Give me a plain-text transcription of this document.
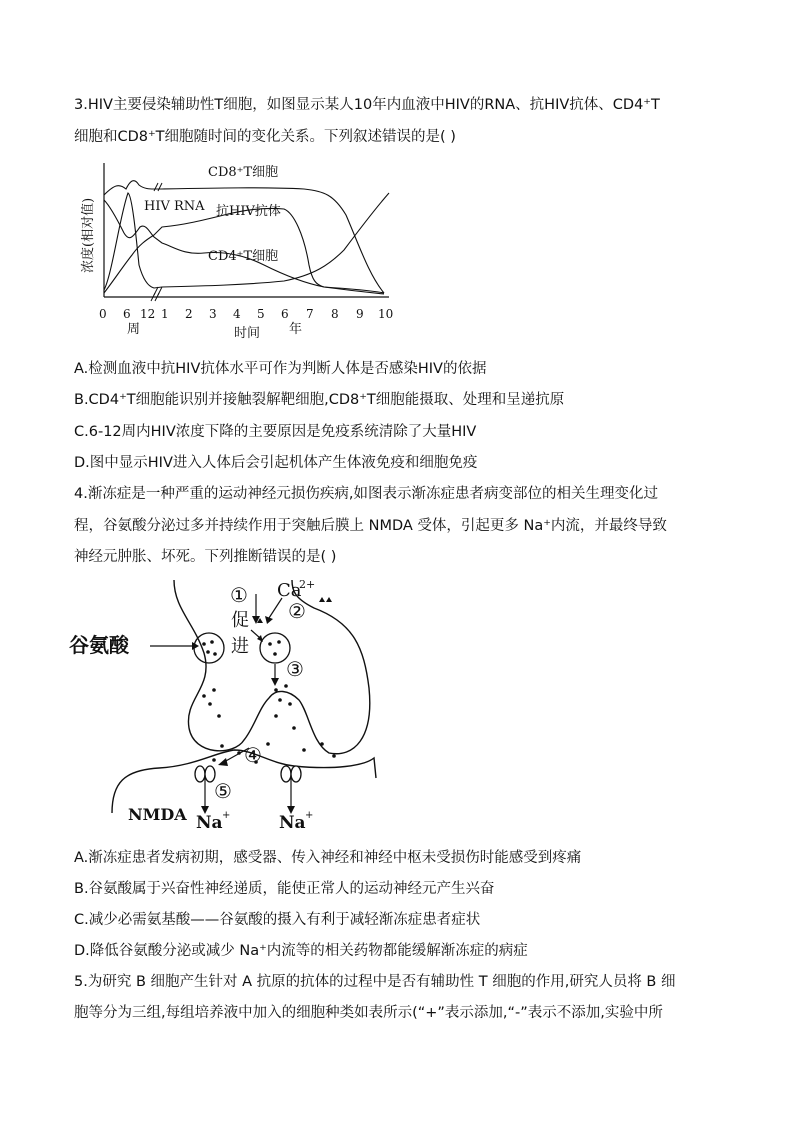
3.HIV主要侵染辅助性T细胞，如图显示某人10年内血液中HIV的RNA、抗HIV抗体、CD4⁺T
细胞和CD8⁺T细胞随时间的变化关系。下列叙述错误的是( )
浓度(相对值)
CD8⁺T细胞
HIV RNA 抗HIV抗体
CD4⁺T细胞
0 6 12 1 2 3 4 5 6 7 8 9 10
周	时间 年
A.检测血液中抗HIV抗体水平可作为判断人体是否感染HIV的依据
B.CD4⁺T细胞能识别并接触裂解靶细胞,CD8⁺T细胞能摄取、处理和呈递抗原
C.6-12周内HIV浓度下降的主要原因是免疫系统清除了大量HIV
D.图中显示HIV进入人体后会引起机体产生体液免疫和细胞免疫
4.渐冻症是一种严重的运动神经元损伤疾病,如图表示渐冻症患者病变部位的相关生理变化过
程，谷氨酸分泌过多并持续作用于突触后膜上 NMDA 受体，引起更多 Na⁺内流，并最终导致
神经元肿胀、坏死。下列推断错误的是( )
谷氨酸
Ca
2+
促
进
①
②
③
④
⑤
NMDA Na +	Na +
A.渐冻症患者发病初期，感受器、传入神经和神经中枢未受损伤时能感受到疼痛
B.谷氨酸属于兴奋性神经递质，能使正常人的运动神经元产生兴奋
C.减少必需氨基酸——谷氨酸的摄入有利于减轻渐冻症患者症状
D.降低谷氨酸分泌或减少 Na⁺内流等的相关药物都能缓解渐冻症的病症
5.为研究 B 细胞产生针对 A 抗原的抗体的过程中是否有辅助性 T 细胞的作用,研究人员将 B 细
胞等分为三组,每组培养液中加入的细胞种类如表所示(“+”表示添加,“-”表示不添加,实验中所
